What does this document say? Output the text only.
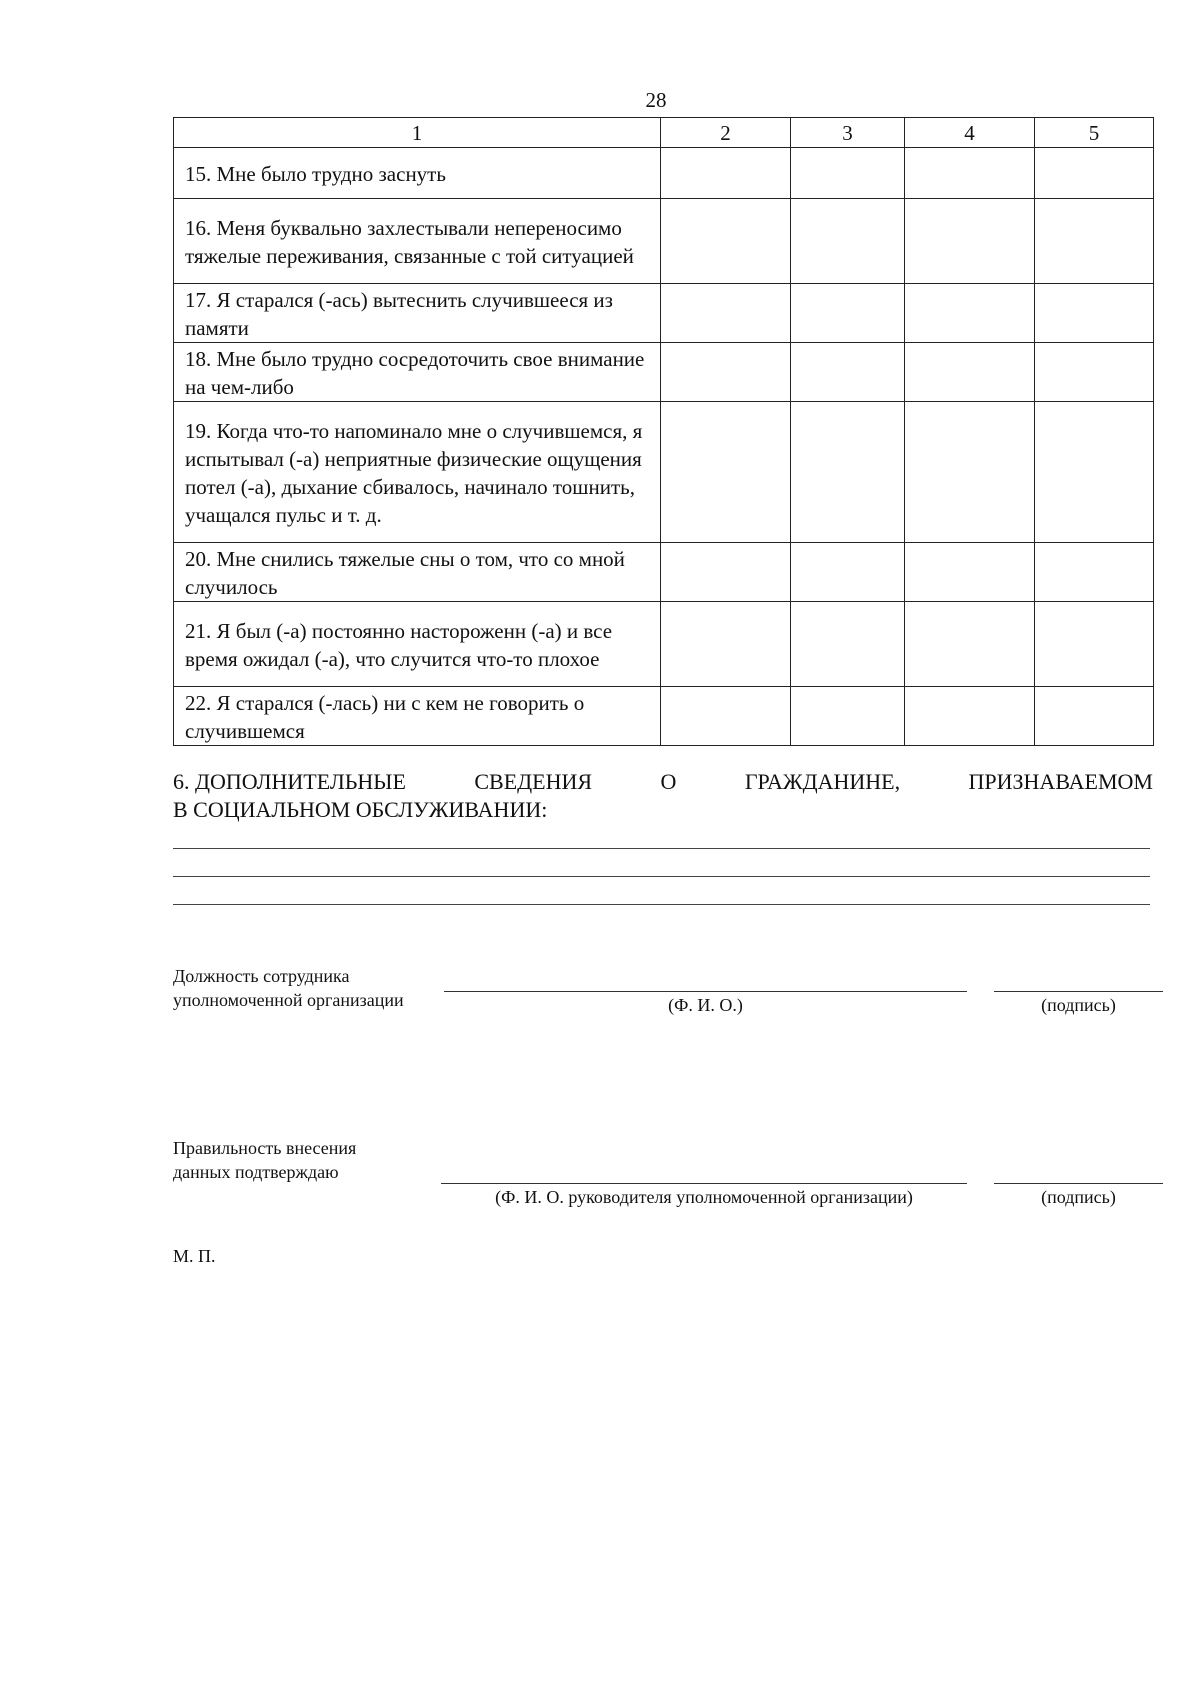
28
1	2	3	4	5
15. Мне было трудно заснуть				
16. Меня буквально захлестывали непереносимо тяжелые переживания, связанные с той ситуацией				
17. Я старался (-ась) вытеснить случившееся из памяти				
18. Мне было трудно сосредоточить свое внимание на чем-либо				
19. Когда что-то напоминало мне о случившемся, я испытывал (-а) неприятные физические ощущения потел (-а), дыхание сбивалось, начинало тошнить, учащался пульс и т. д.				
20. Мне снились тяжелые сны о том, что со мной случилось				
21. Я был (-а) постоянно настороженн (-а) и все время ожидал (-а), что случится что-то плохое				
22. Я старался (-лась) ни с кем не говорить о случившемся				
6. ДОПОЛНИТЕЛЬНЫЕ	СВЕДЕНИЯ	О	ГРАЖДАНИНЕ,	ПРИЗНАВАЕМОМ
В СОЦИАЛЬНОМ ОБСЛУЖИВАНИИ:
Должность сотрудника
уполномоченной организации	(Ф. И. О.)	(подпись)
Правильность внесения
данных подтверждаю
(Ф. И. О. руководителя уполномоченной организации)	(подпись)
М. П.
